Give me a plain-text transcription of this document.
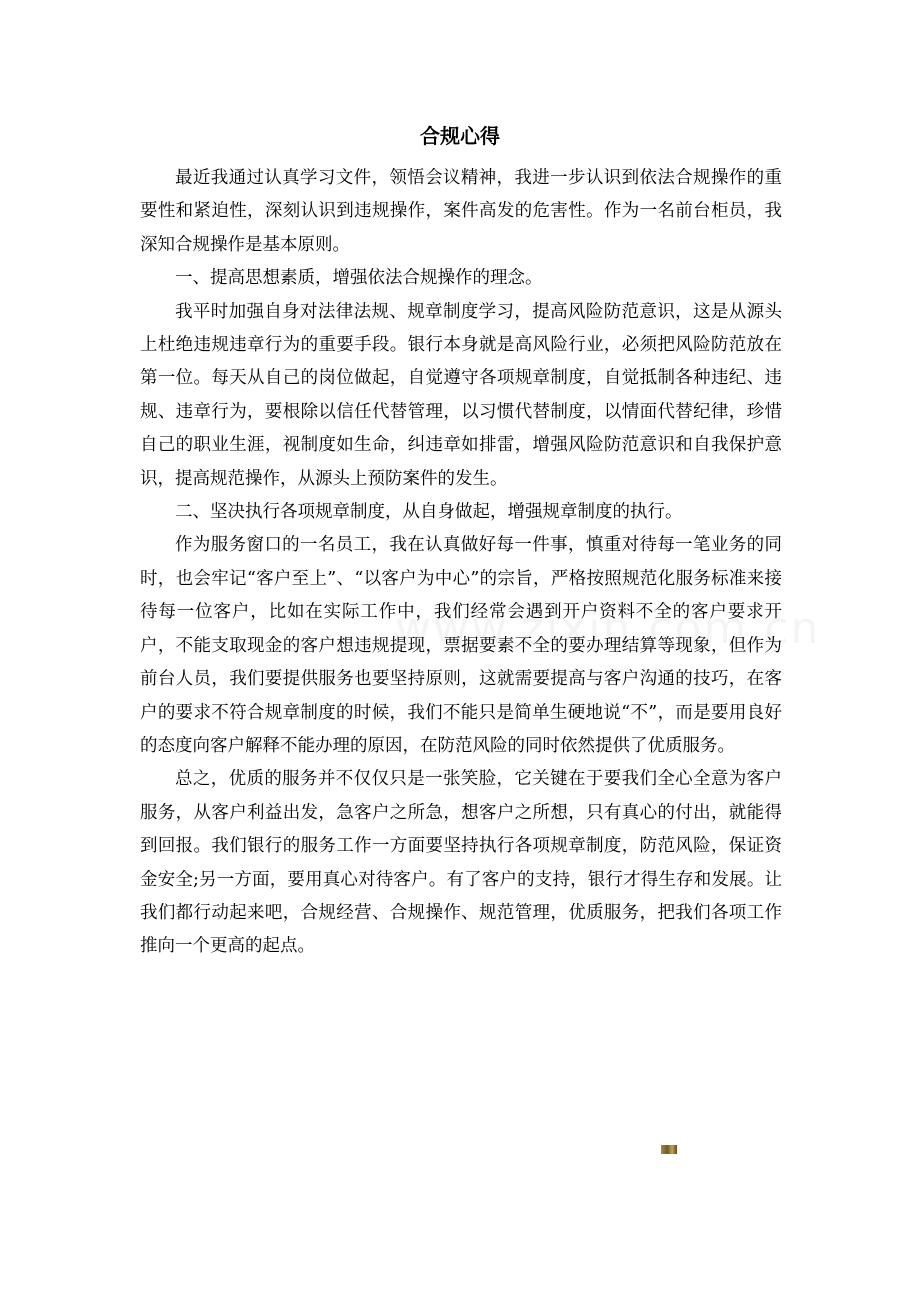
合规心得

最近我通过认真学习文件，领悟会议精神，我进一步认识到依法合规操作的重要性和紧迫性，深刻认识到违规操作，案件高发的危害性。作为一名前台柜员，我深知合规操作是基本原则。

一、提高思想素质，增强依法合规操作的理念。

我平时加强自身对法律法规、规章制度学习，提高风险防范意识，这是从源头上杜绝违规违章行为的重要手段。银行本身就是高风险行业，必须把风险防范放在第一位。每天从自己的岗位做起，自觉遵守各项规章制度，自觉抵制各种违纪、违规、违章行为，要根除以信任代替管理，以习惯代替制度，以情面代替纪律，珍惜自己的职业生涯，视制度如生命，纠违章如排雷，增强风险防范意识和自我保护意识，提高规范操作，从源头上预防案件的发生。

二、坚决执行各项规章制度，从自身做起，增强规章制度的执行。

作为服务窗口的一名员工，我在认真做好每一件事，慎重对待每一笔业务的同时，也会牢记“客户至上”、“以客户为中心”的宗旨，严格按照规范化服务标准来接待每一位客户，比如在实际工作中，我们经常会遇到开户资料不全的客户要求开户，不能支取现金的客户想违规提现，票据要素不全的要办理结算等现象，但作为前台人员，我们要提供服务也要坚持原则，这就需要提高与客户沟通的技巧，在客户的要求不符合规章制度的时候，我们不能只是简单生硬地说“不”，而是要用良好的态度向客户解释不能办理的原因，在防范风险的同时依然提供了优质服务。

总之，优质的服务并不仅仅只是一张笑脸，它关键在于要我们全心全意为客户服务，从客户利益出发，急客户之所急，想客户之所想，只有真心的付出，就能得到回报。我们银行的服务工作一方面要坚持执行各项规章制度，防范风险，保证资金安全;另一方面，要用真心对待客户。有了客户的支持，银行才得生存和发展。让我们都行动起来吧，合规经营、合规操作、规范管理，优质服务，把我们各项工作推向一个更高的起点。
